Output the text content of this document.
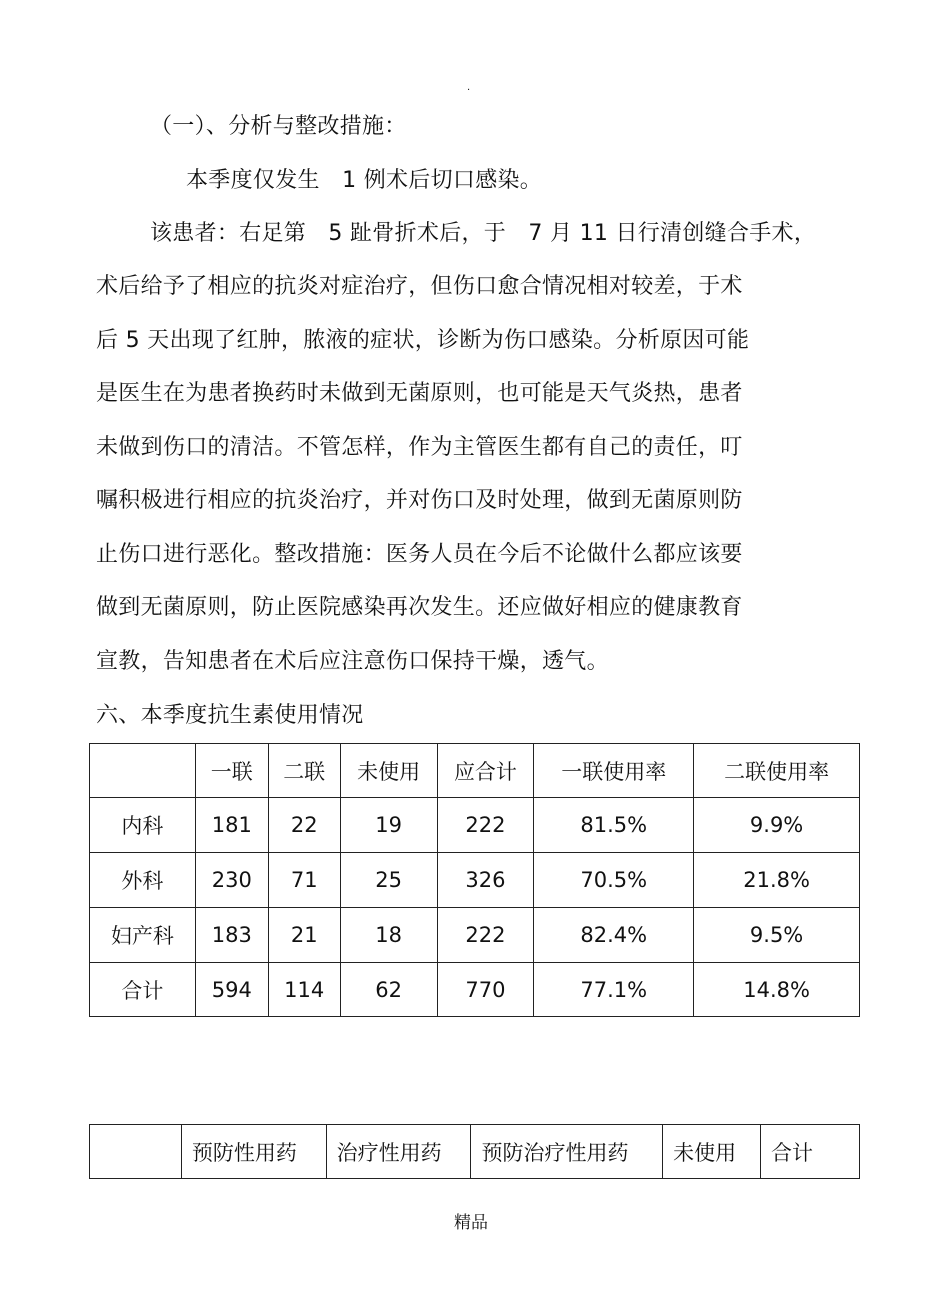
.
（一）、分析与整改措施：
本季度仅发生　1 例术后切口感染。
该患者：右足第　5 趾骨折术后，于　7 月 11 日行清创缝合手术，
术后给予了相应的抗炎对症治疗，但伤口愈合情况相对较差，于术
后 5 天出现了红肿，脓液的症状，诊断为伤口感染。分析原因可能
是医生在为患者换药时未做到无菌原则，也可能是天气炎热，患者
未做到伤口的清洁。不管怎样，作为主管医生都有自己的责任，叮
嘱积极进行相应的抗炎治疗，并对伤口及时处理，做到无菌原则防
止伤口进行恶化。整改措施：医务人员在今后不论做什么都应该要
做到无菌原则，防止医院感染再次发生。还应做好相应的健康教育
宣教，告知患者在术后应注意伤口保持干燥，透气。
六、本季度抗生素使用情况
	一联	二联	未使用	应合计	一联使用率	二联使用率
内科	181	22	19	222	81.5%	9.9%
外科	230	71	25	326	70.5%	21.8%
妇产科	183	21	18	222	82.4%	9.5%
合计	594	114	62	770	77.1%	14.8%
	预防性用药	治疗性用药	预防治疗性用药	未使用	合计
精品
